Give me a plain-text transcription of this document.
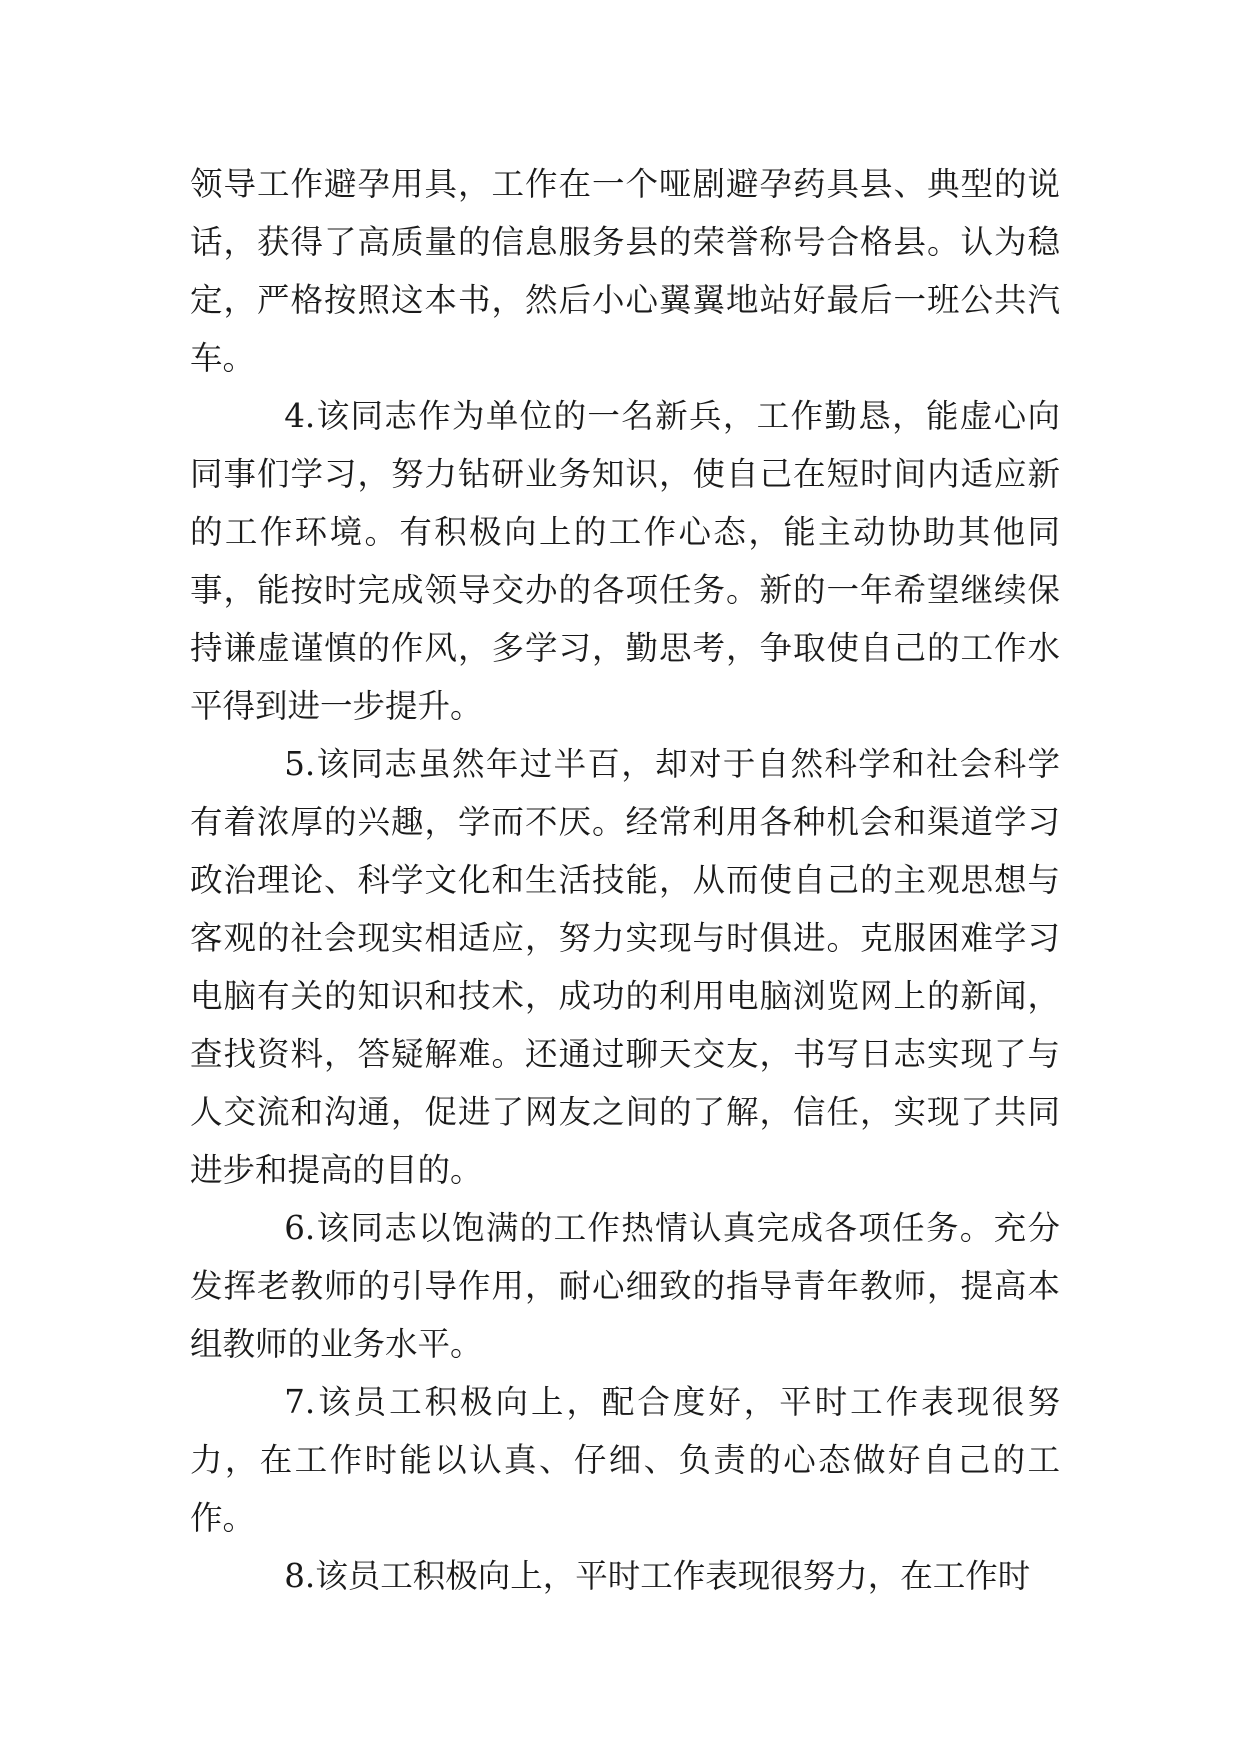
领导工作避孕用具，工作在一个哑剧避孕药具县、典型的说话，获得了高质量的信息服务县的荣誉称号合格县。认为稳定，严格按照这本书，然后小心翼翼地站好最后一班公共汽车。

4.该同志作为单位的一名新兵，工作勤恳，能虚心向同事们学习，努力钻研业务知识，使自己在短时间内适应新的工作环境。有积极向上的工作心态，能主动协助其他同事，能按时完成领导交办的各项任务。新的一年希望继续保持谦虚谨慎的作风，多学习，勤思考，争取使自己的工作水平得到进一步提升。

5.该同志虽然年过半百，却对于自然科学和社会科学有着浓厚的兴趣，学而不厌。经常利用各种机会和渠道学习政治理论、科学文化和生活技能，从而使自己的主观思想与客观的社会现实相适应，努力实现与时俱进。克服困难学习电脑有关的知识和技术，成功的利用电脑浏览网上的新闻，查找资料，答疑解难。还通过聊天交友，书写日志实现了与人交流和沟通，促进了网友之间的了解，信任，实现了共同进步和提高的目的。

6.该同志以饱满的工作热情认真完成各项任务。充分发挥老教师的引导作用，耐心细致的指导青年教师，提高本组教师的业务水平。

7.该员工积极向上，配合度好，平时工作表现很努力，在工作时能以认真、仔细、负责的心态做好自己的工作。

8.该员工积极向上，平时工作表现很努力，在工作时
